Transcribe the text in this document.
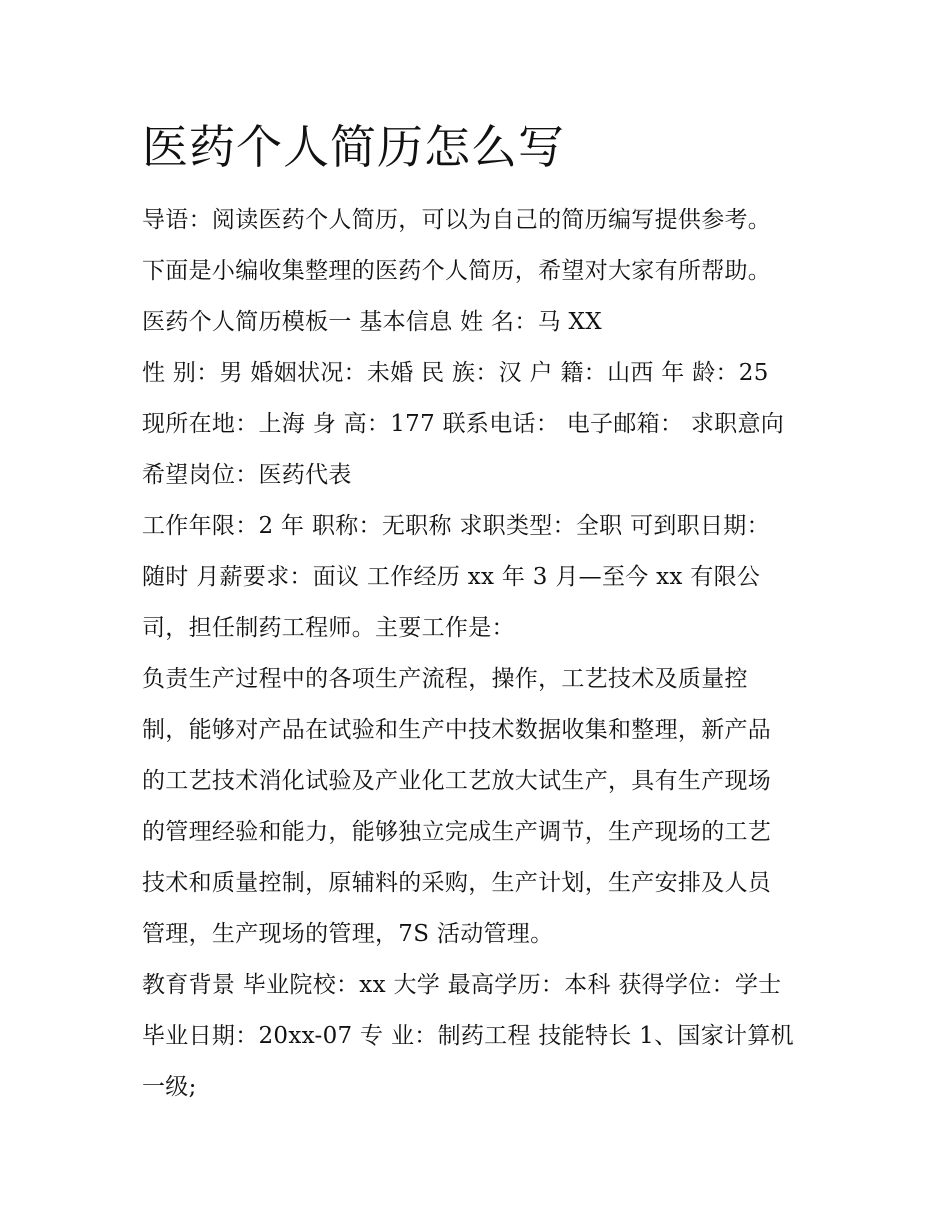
医药个人简历怎么写
导语：阅读医药个人简历，可以为自己的简历编写提供参考。
下面是小编收集整理的医药个人简历，希望对大家有所帮助。
医药个人简历模板一 基本信息 姓 名：马 XX
性 别：男 婚姻状况：未婚 民 族：汉 户 籍：山西 年 龄：25
现所在地：上海 身 高：177 联系电话： 电子邮箱： 求职意向
希望岗位：医药代表
工作年限：2 年 职称：无职称 求职类型：全职 可到职日期：
随时 月薪要求：面议 工作经历 xx 年 3 月—至今 xx 有限公
司，担任制药工程师。主要工作是：
负责生产过程中的各项生产流程，操作，工艺技术及质量控
制，能够对产品在试验和生产中技术数据收集和整理，新产品
的工艺技术消化试验及产业化工艺放大试生产，具有生产现场
的管理经验和能力，能够独立完成生产调节，生产现场的工艺
技术和质量控制，原辅料的采购，生产计划，生产安排及人员
管理，生产现场的管理，7S 活动管理。
教育背景 毕业院校：xx 大学 最高学历：本科 获得学位：学士
毕业日期：20xx-07 专 业：制药工程 技能特长 1、国家计算机
一级;
